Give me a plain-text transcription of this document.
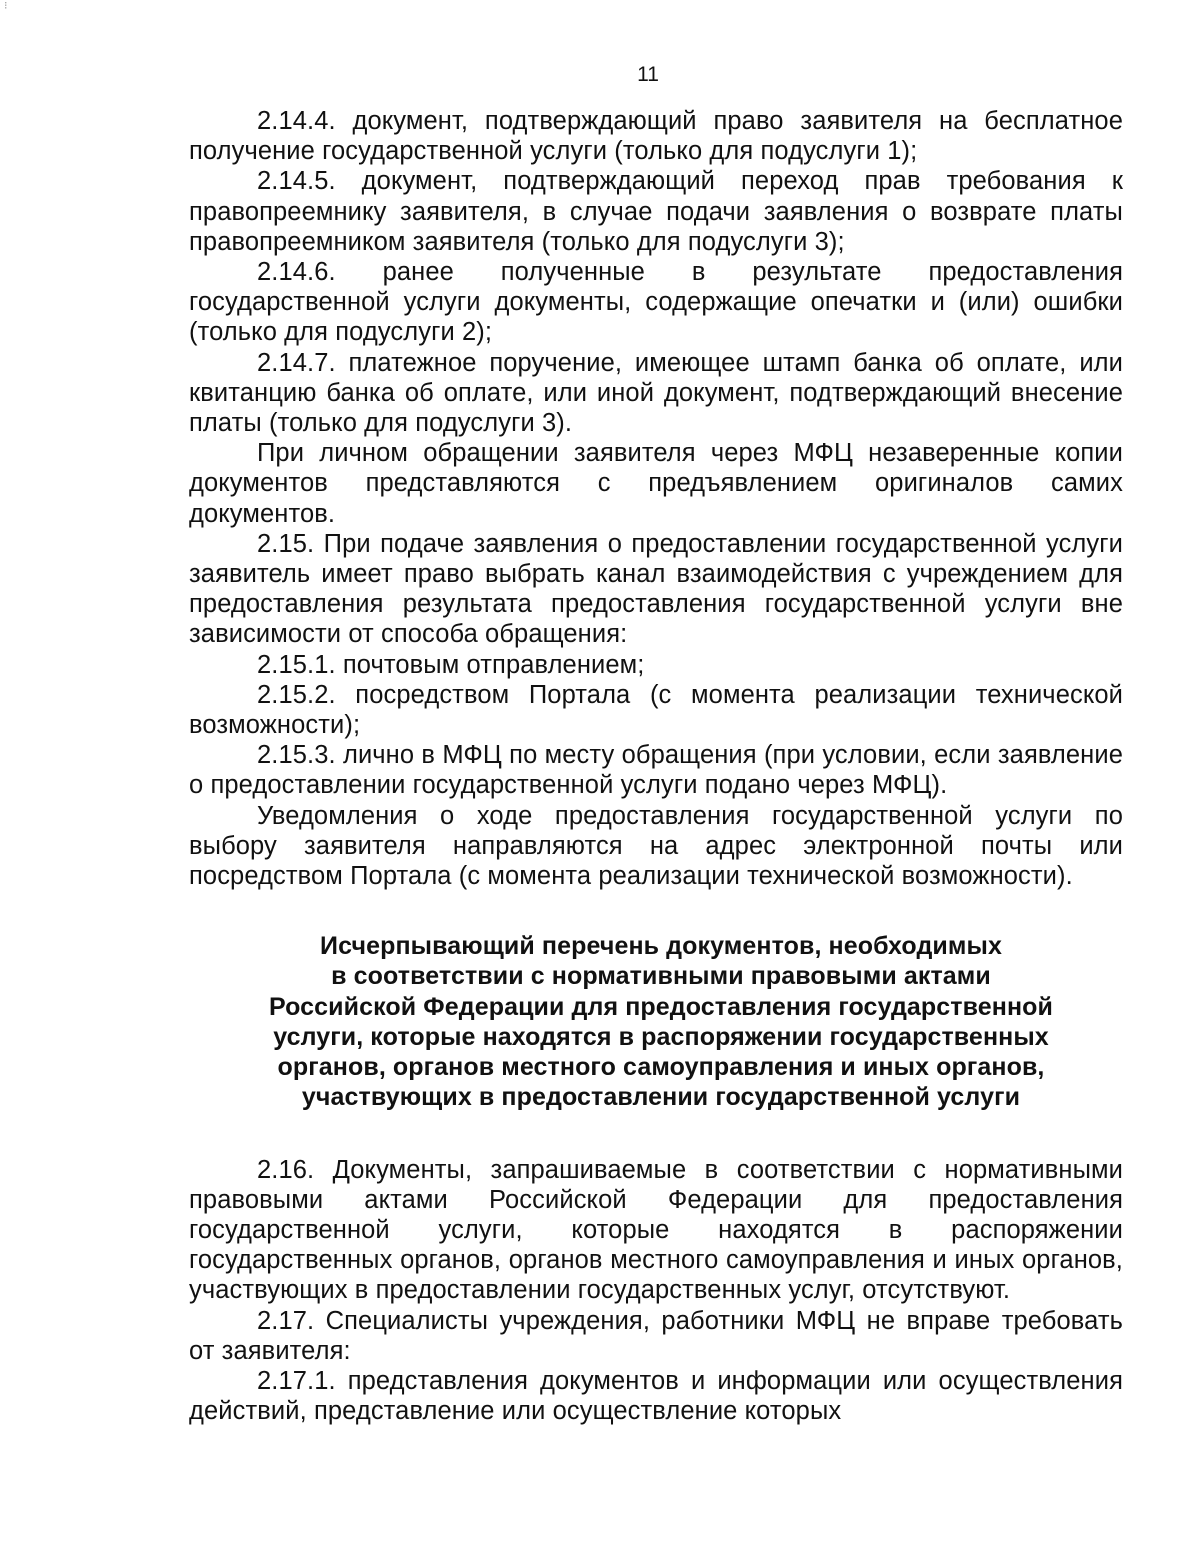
⁝
11

2.14.4. документ, подтверждающий право заявителя на бесплатное получение государственной услуги (только для подуслуги 1);

2.14.5. документ, подтверждающий переход прав требования к правопреемнику заявителя, в случае подачи заявления о возврате платы правопреемником заявителя (только для подуслуги 3);

2.14.6. ранее полученные в результате предоставления государственной услуги документы, содержащие опечатки и (или) ошибки (только для подуслуги 2);

2.14.7. платежное поручение, имеющее штамп банка об оплате, или квитанцию банка об оплате, или иной документ, подтверждающий внесение платы (только для подуслуги 3).

При личном обращении заявителя через МФЦ незаверенные копии документов представляются с предъявлением оригиналов самих документов.

2.15. При подаче заявления о предоставлении государственной услуги заявитель имеет право выбрать канал взаимодействия с учреждением для предоставления результата предоставления государственной услуги вне зависимости от способа обращения:

2.15.1. почтовым отправлением;

2.15.2. посредством Портала (с момента реализации технической возможности);

2.15.3. лично в МФЦ по месту обращения (при условии, если заявление о предоставлении государственной услуги подано через МФЦ).

Уведомления о ходе предоставления государственной услуги по выбору заявителя направляются на адрес электронной почты или посредством Портала (с момента реализации технической возможности).

Исчерпывающий перечень документов, необходимых
в соответствии с нормативными правовыми актами
Российской Федерации для предоставления государственной
услуги, которые находятся в распоряжении государственных
органов, органов местного самоуправления и иных органов,
участвующих в предоставлении государственной услуги

2.16. Документы, запрашиваемые в соответствии с нормативными правовыми актами Российской Федерации для предоставления государственной услуги, которые находятся в распоряжении государственных органов, органов местного самоуправления и иных органов, участвующих в предоставлении государственных услуг, отсутствуют.

2.17. Специалисты учреждения, работники МФЦ не вправе требовать от заявителя:

2.17.1. представления документов и информации или осуществления действий, представление или осуществление которых
